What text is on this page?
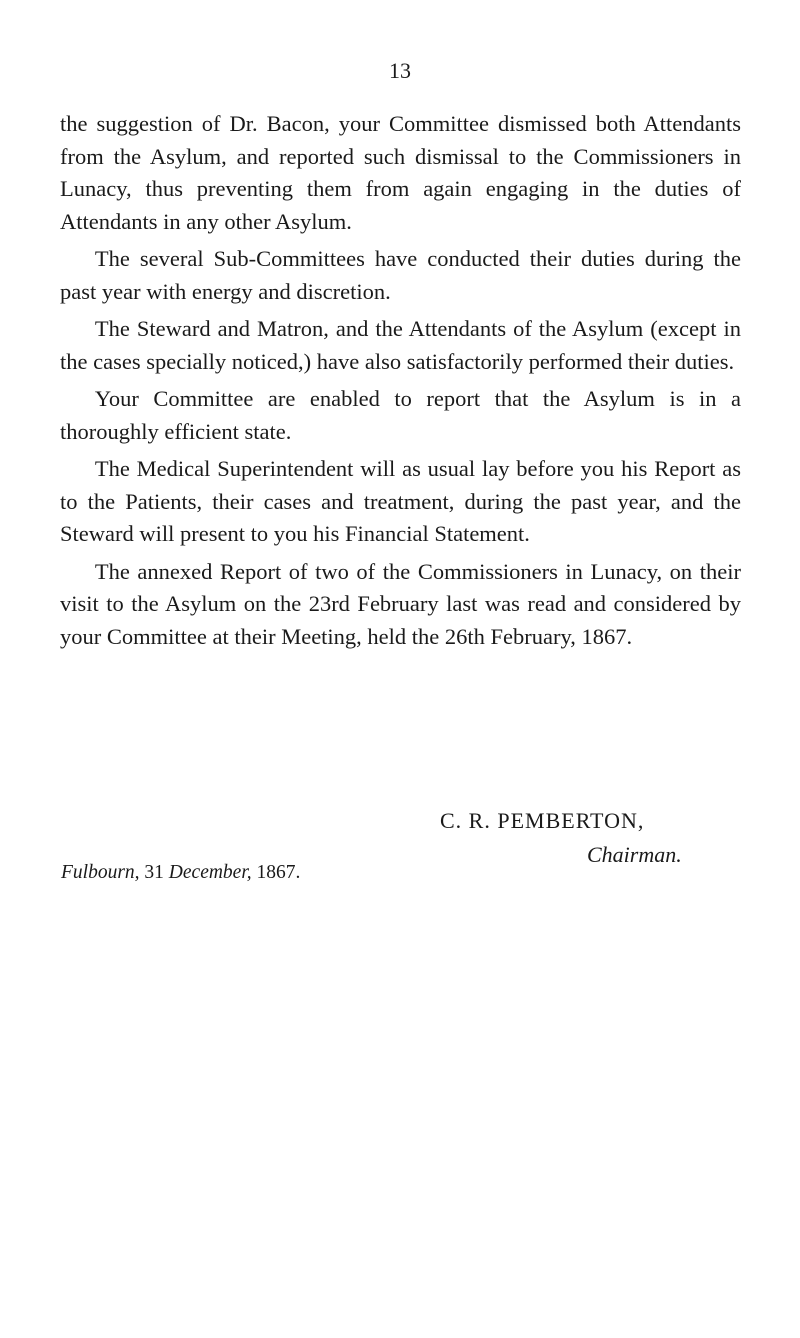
13

the suggestion of Dr. Bacon, your Committee dismissed both Attendants from the Asylum, and reported such dismissal to the Commissioners in Lunacy, thus preventing them from again engaging in the duties of Attendants in any other Asylum.

The several Sub-Committees have conducted their duties during the past year with energy and discretion.

The Steward and Matron, and the Attendants of the Asylum (except in the cases specially noticed,) have also satisfactorily performed their duties.

Your Committee are enabled to report that the Asylum is in a thoroughly efficient state.

The Medical Superintendent will as usual lay before you his Report as to the Patients, their cases and treatment, during the past year, and the Steward will present to you his Financial Statement.

The annexed Report of two of the Commissioners in Lunacy, on their visit to the Asylum on the 23rd February last was read and considered by your Committee at their Meeting, held the 26th February, 1867.

C. R. PEMBERTON,
Chairman.
Fulbourn, 31 December, 1867.
